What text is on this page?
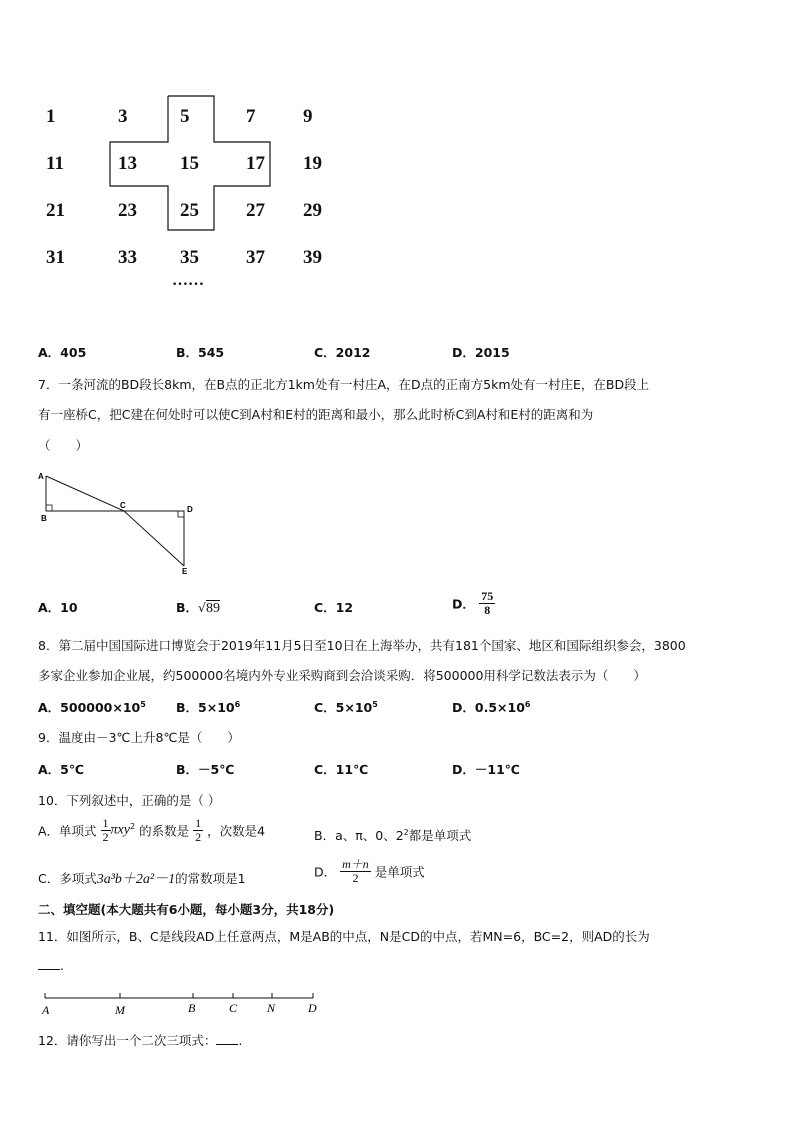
1	3	5	7	9
11	13 15 17 19
21	23 25 27 29
31	33 35 37 39
……
A．405	B．545	C．2012	D．2015
7．一条河流的BD段长8km，在B点的正北方1km处有一村庄A，在D点的正南方5km处有一村庄E，在BD段上
有一座桥C，把C建在何处时可以使C到A村和E村的距离和最小，那么此时桥C到A村和E村的距离和为
（　　）
A
B
C	D
E
A．10	B．√89	C．12	D． $\frac{75}{8}$
8．第二届中国国际进口博览会于2019年11月5日至10日在上海举办，共有181个国家、地区和国际组织参会，3800
多家企业参加企业展，约500000名境内外专业采购商到会洽谈采购．将500000用科学记数法表示为（　　）
A．$500000\times 10^5$ B．$5\times 10^6$	C．$5\times 10^5$	D．$0.5\times 10^6$
9．温度由－3℃上升8℃是（　　）
A．5℃	B．－5℃	C．11℃	D．－11℃
10．下列叙述中，正确的是（ ）
A．单项式 $\frac{1}{2} \pi xy^2$ 的系数是 $\frac{1}{2}$ ，次数是4	B．a、π、0、$2^2$都是单项式
C．多项式3a³b＋2a²－1的常数项是1	D． $\frac{m+n}{2}$ 是单项式
二、填空题(本大题共有6小题，每小题3分，共18分)
11．如图所示，B、C是线段AD上任意两点，M是AB的中点，N是CD的中点，若MN=6，BC=2，则AD的长为
.
A	M	B	C N	D
12．请你写出一个二次三项式： .
